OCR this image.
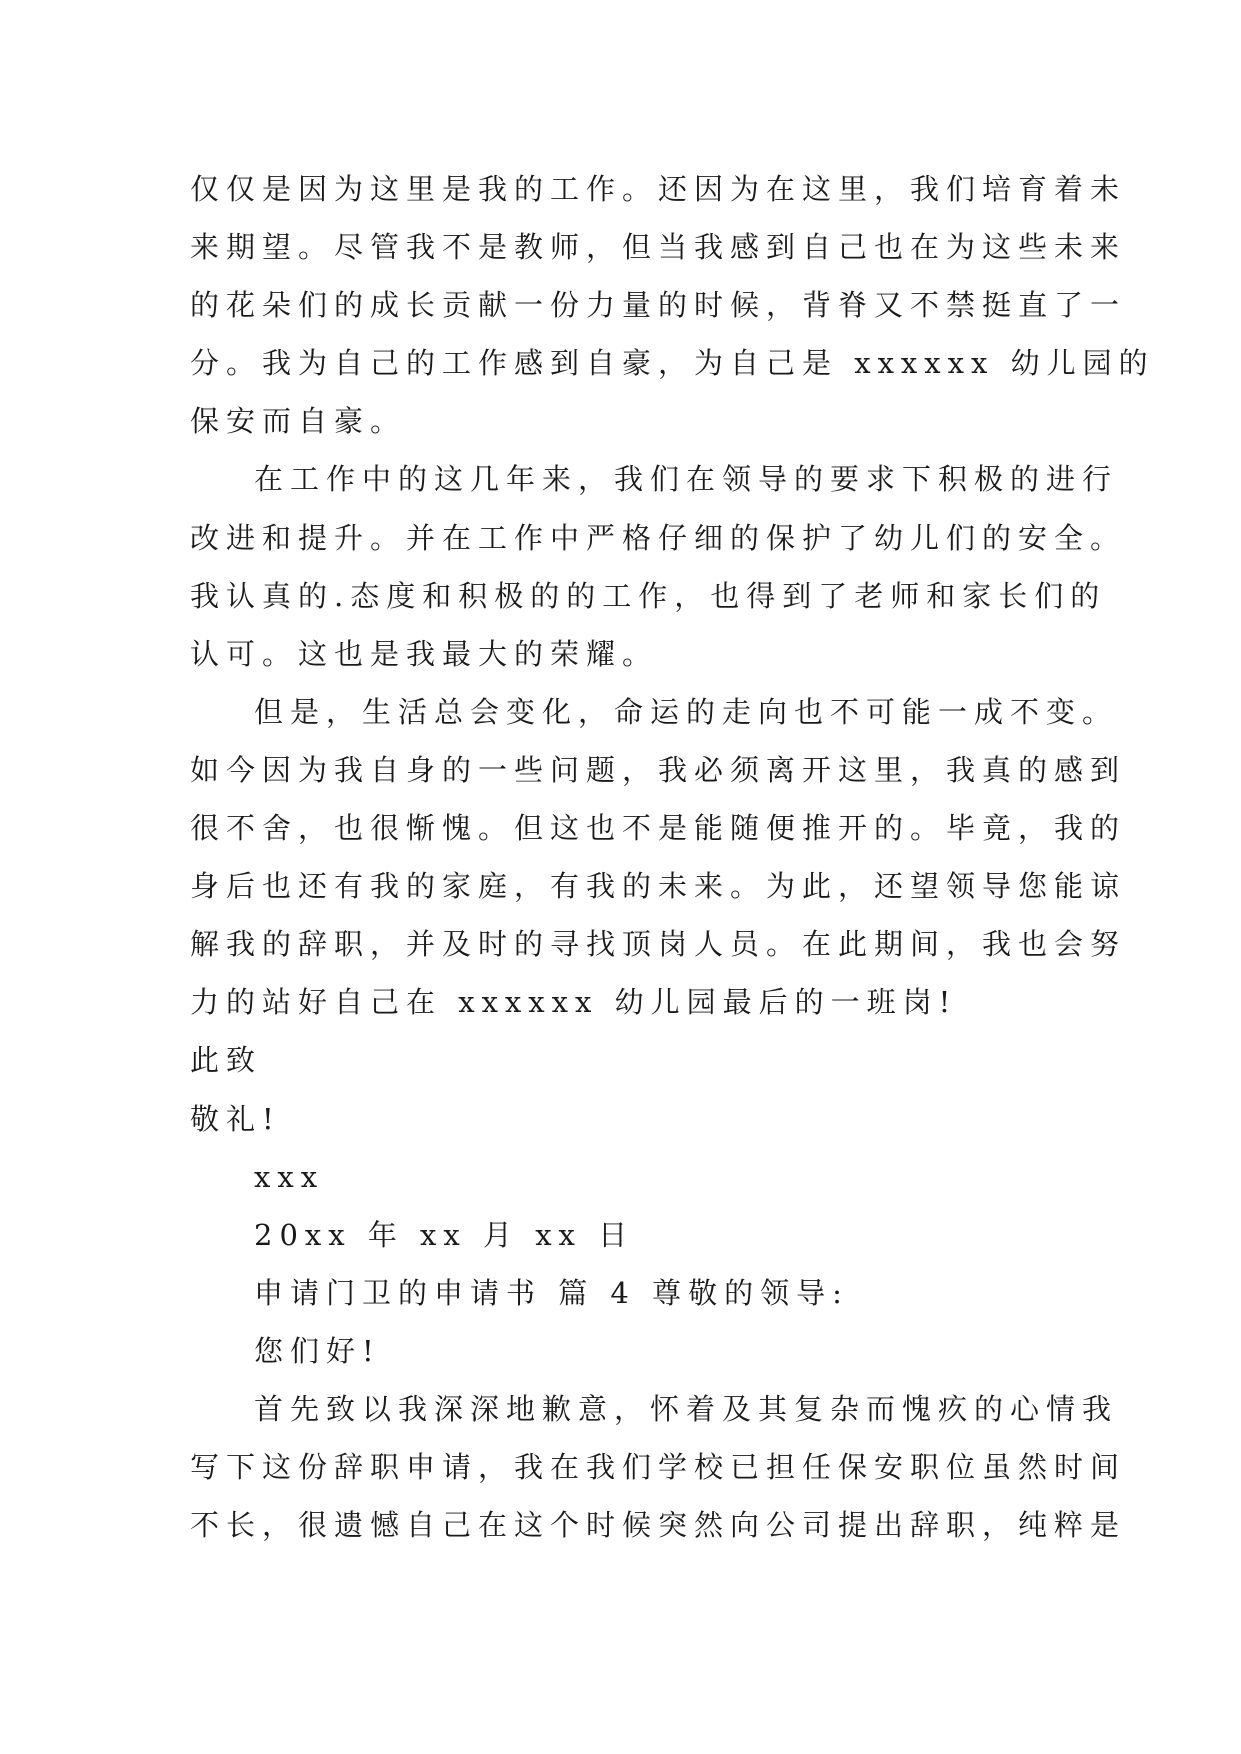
仅仅是因为这里是我的工作。还因为在这里，我们培育着未
来期望。尽管我不是教师，但当我感到自己也在为这些未来
的花朵们的成长贡献一份力量的时候，背脊又不禁挺直了一
分。我为自己的工作感到自豪，为自己是 xxxxxx 幼儿园的
保安而自豪。
在工作中的这几年来，我们在领导的要求下积极的进行
改进和提升。并在工作中严格仔细的保护了幼儿们的安全。
我认真的.态度和积极的的工作，也得到了老师和家长们的
认可。这也是我最大的荣耀。
但是，生活总会变化，命运的走向也不可能一成不变。
如今因为我自身的一些问题，我必须离开这里，我真的感到
很不舍，也很惭愧。但这也不是能随便推开的。毕竟，我的
身后也还有我的家庭，有我的未来。为此，还望领导您能谅
解我的辞职，并及时的寻找顶岗人员。在此期间，我也会努
力的站好自己在 xxxxxx 幼儿园最后的一班岗!
此致
敬礼!
xxx
20xx 年 xx 月 xx 日
申请门卫的申请书 篇 4 尊敬的领导:
您们好!
首先致以我深深地歉意，怀着及其复杂而愧疚的心情我
写下这份辞职申请，我在我们学校已担任保安职位虽然时间
不长，很遗憾自己在这个时候突然向公司提出辞职，纯粹是
